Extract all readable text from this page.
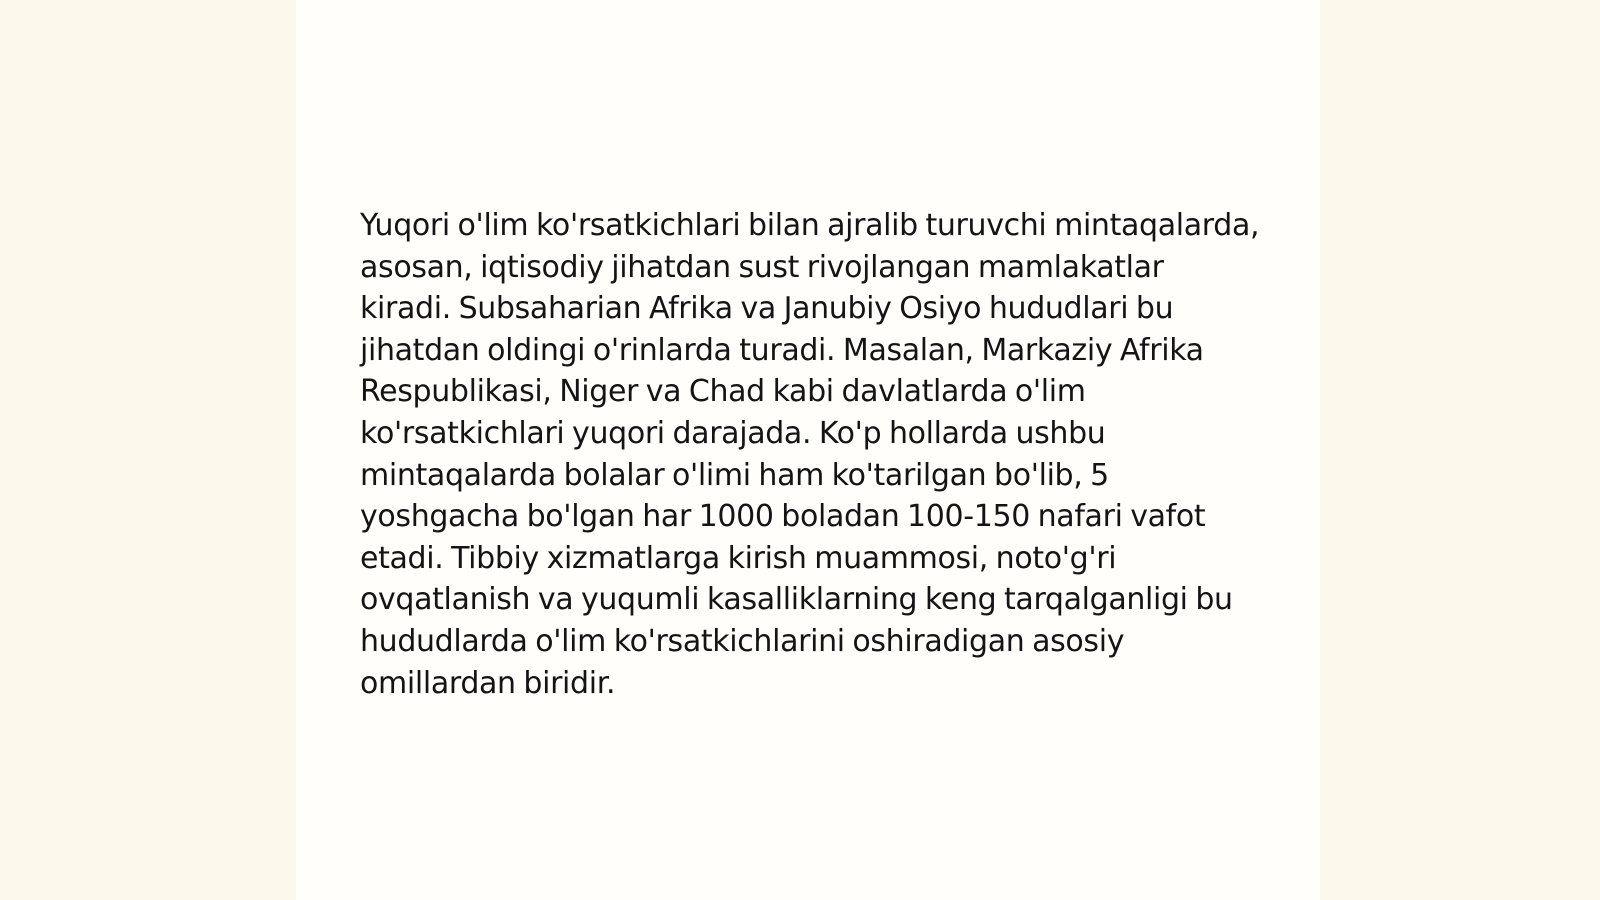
Yuqori o'lim ko'rsatkichlari bilan ajralib turuvchi mintaqalarda, asosan, iqtisodiy jihatdan sust rivojlangan mamlakatlar kiradi. Subsaharian Afrika va Janubiy Osiyo hududlari bu jihatdan oldingi o'rinlarda turadi. Masalan, Markaziy Afrika Respublikasi, Niger va Chad kabi davlatlarda o'lim ko'rsatkichlari yuqori darajada. Ko'p hollarda ushbu mintaqalarda bolalar o'limi ham ko'tarilgan bo'lib, 5 yoshgacha bo'lgan har 1000 boladan 100-150 nafari vafot etadi. Tibbiy xizmatlarga kirish muammosi, noto'g'ri ovqatlanish va yuqumli kasalliklarning keng tarqalganligi bu hududlarda o'lim ko'rsatkichlarini oshiradigan asosiy omillardan biridir.
